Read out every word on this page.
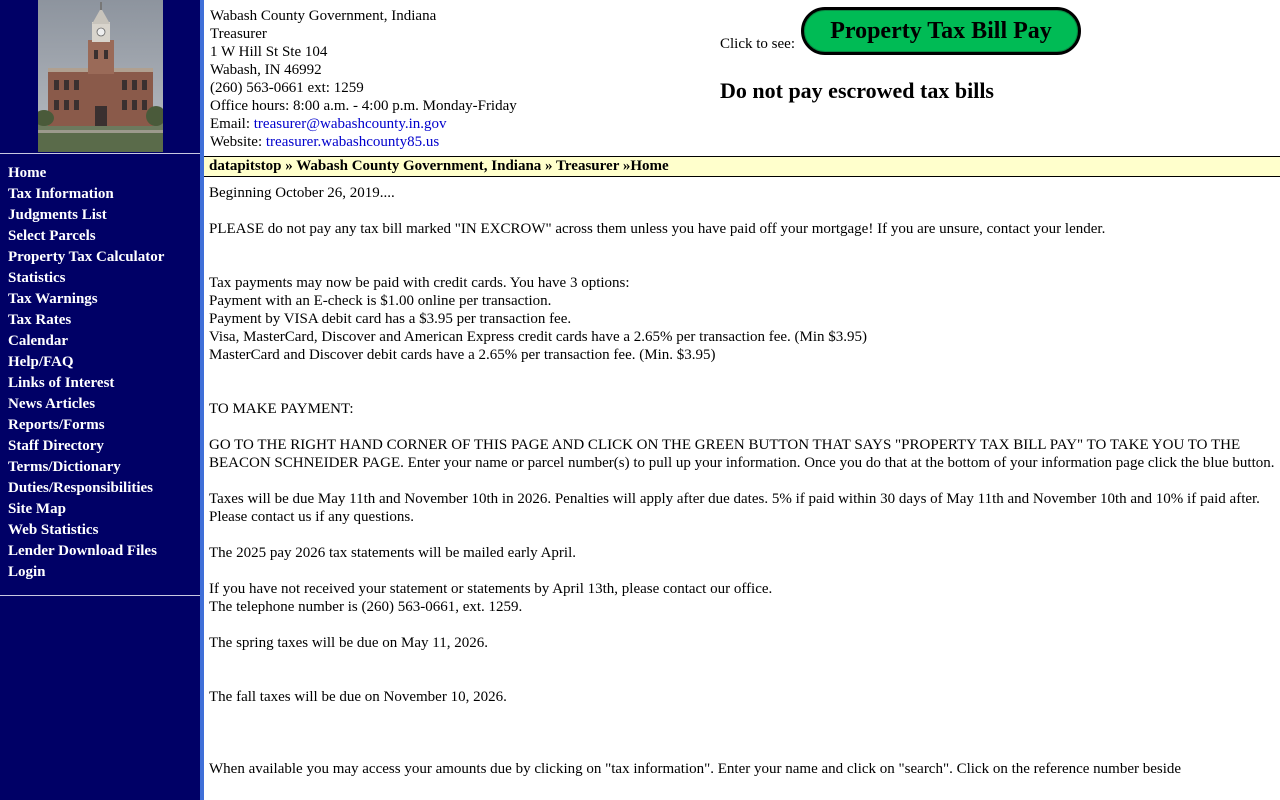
Home
Tax Information
Judgments List
Select Parcels
Property Tax Calculator
Statistics
Tax Warnings
Tax Rates
Calendar
Help/FAQ
Links of Interest
News Articles
Reports/Forms
Staff Directory
Terms/Dictionary
Duties/Responsibilities
Site Map
Web Statistics
Lender Download Files
Login
Wabash County Government, Indiana
Treasurer
1 W Hill St Ste 104
Wabash, IN 46992
(260) 563-0661 ext: 1259
Office hours: 8:00 a.m. - 4:00 p.m. Monday-Friday
Email: treasurer@wabashcounty.in.gov
Website: treasurer.wabashcounty85.us
Click to see:	Property Tax Bill Pay
Do not pay escrowed tax bills
datapitstop » Wabash County Government, Indiana » Treasurer »Home

Beginning October 26, 2019....

PLEASE do not pay any tax bill marked "IN EXCROW" across them unless you have paid off your mortgage! If you are unsure, contact your lender.

Tax payments may now be paid with credit cards. You have 3 options:

Payment with an E-check is $1.00 online per transaction.

Payment by VISA debit card has a $3.95 per transaction fee.

Visa, MasterCard, Discover and American Express credit cards have a 2.65% per transaction fee. (Min $3.95)

MasterCard and Discover debit cards have a 2.65% per transaction fee. (Min. $3.95)

TO MAKE PAYMENT:

GO TO THE RIGHT HAND CORNER OF THIS PAGE AND CLICK ON THE GREEN BUTTON THAT SAYS "PROPERTY TAX BILL PAY" TO TAKE YOU TO THE BEACON SCHNEIDER PAGE. Enter your name or parcel number(s) to pull up your information. Once you do that at the bottom of your information page click the blue button.

Taxes will be due May 11th and November 10th in 2026. Penalties will apply after due dates. 5% if paid within 30 days of May 11th and November 10th and 10% if paid after. Please contact us if any questions.

The 2025 pay 2026 tax statements will be mailed early April.

If you have not received your statement or statements by April 13th, please contact our office.

The telephone number is (260) 563-0661, ext. 1259.

The spring taxes will be due on May 11, 2026.

The fall taxes will be due on November 10, 2026.

When available you may access your amounts due by clicking on "tax information". Enter your name and click on "search". Click on the reference number beside
